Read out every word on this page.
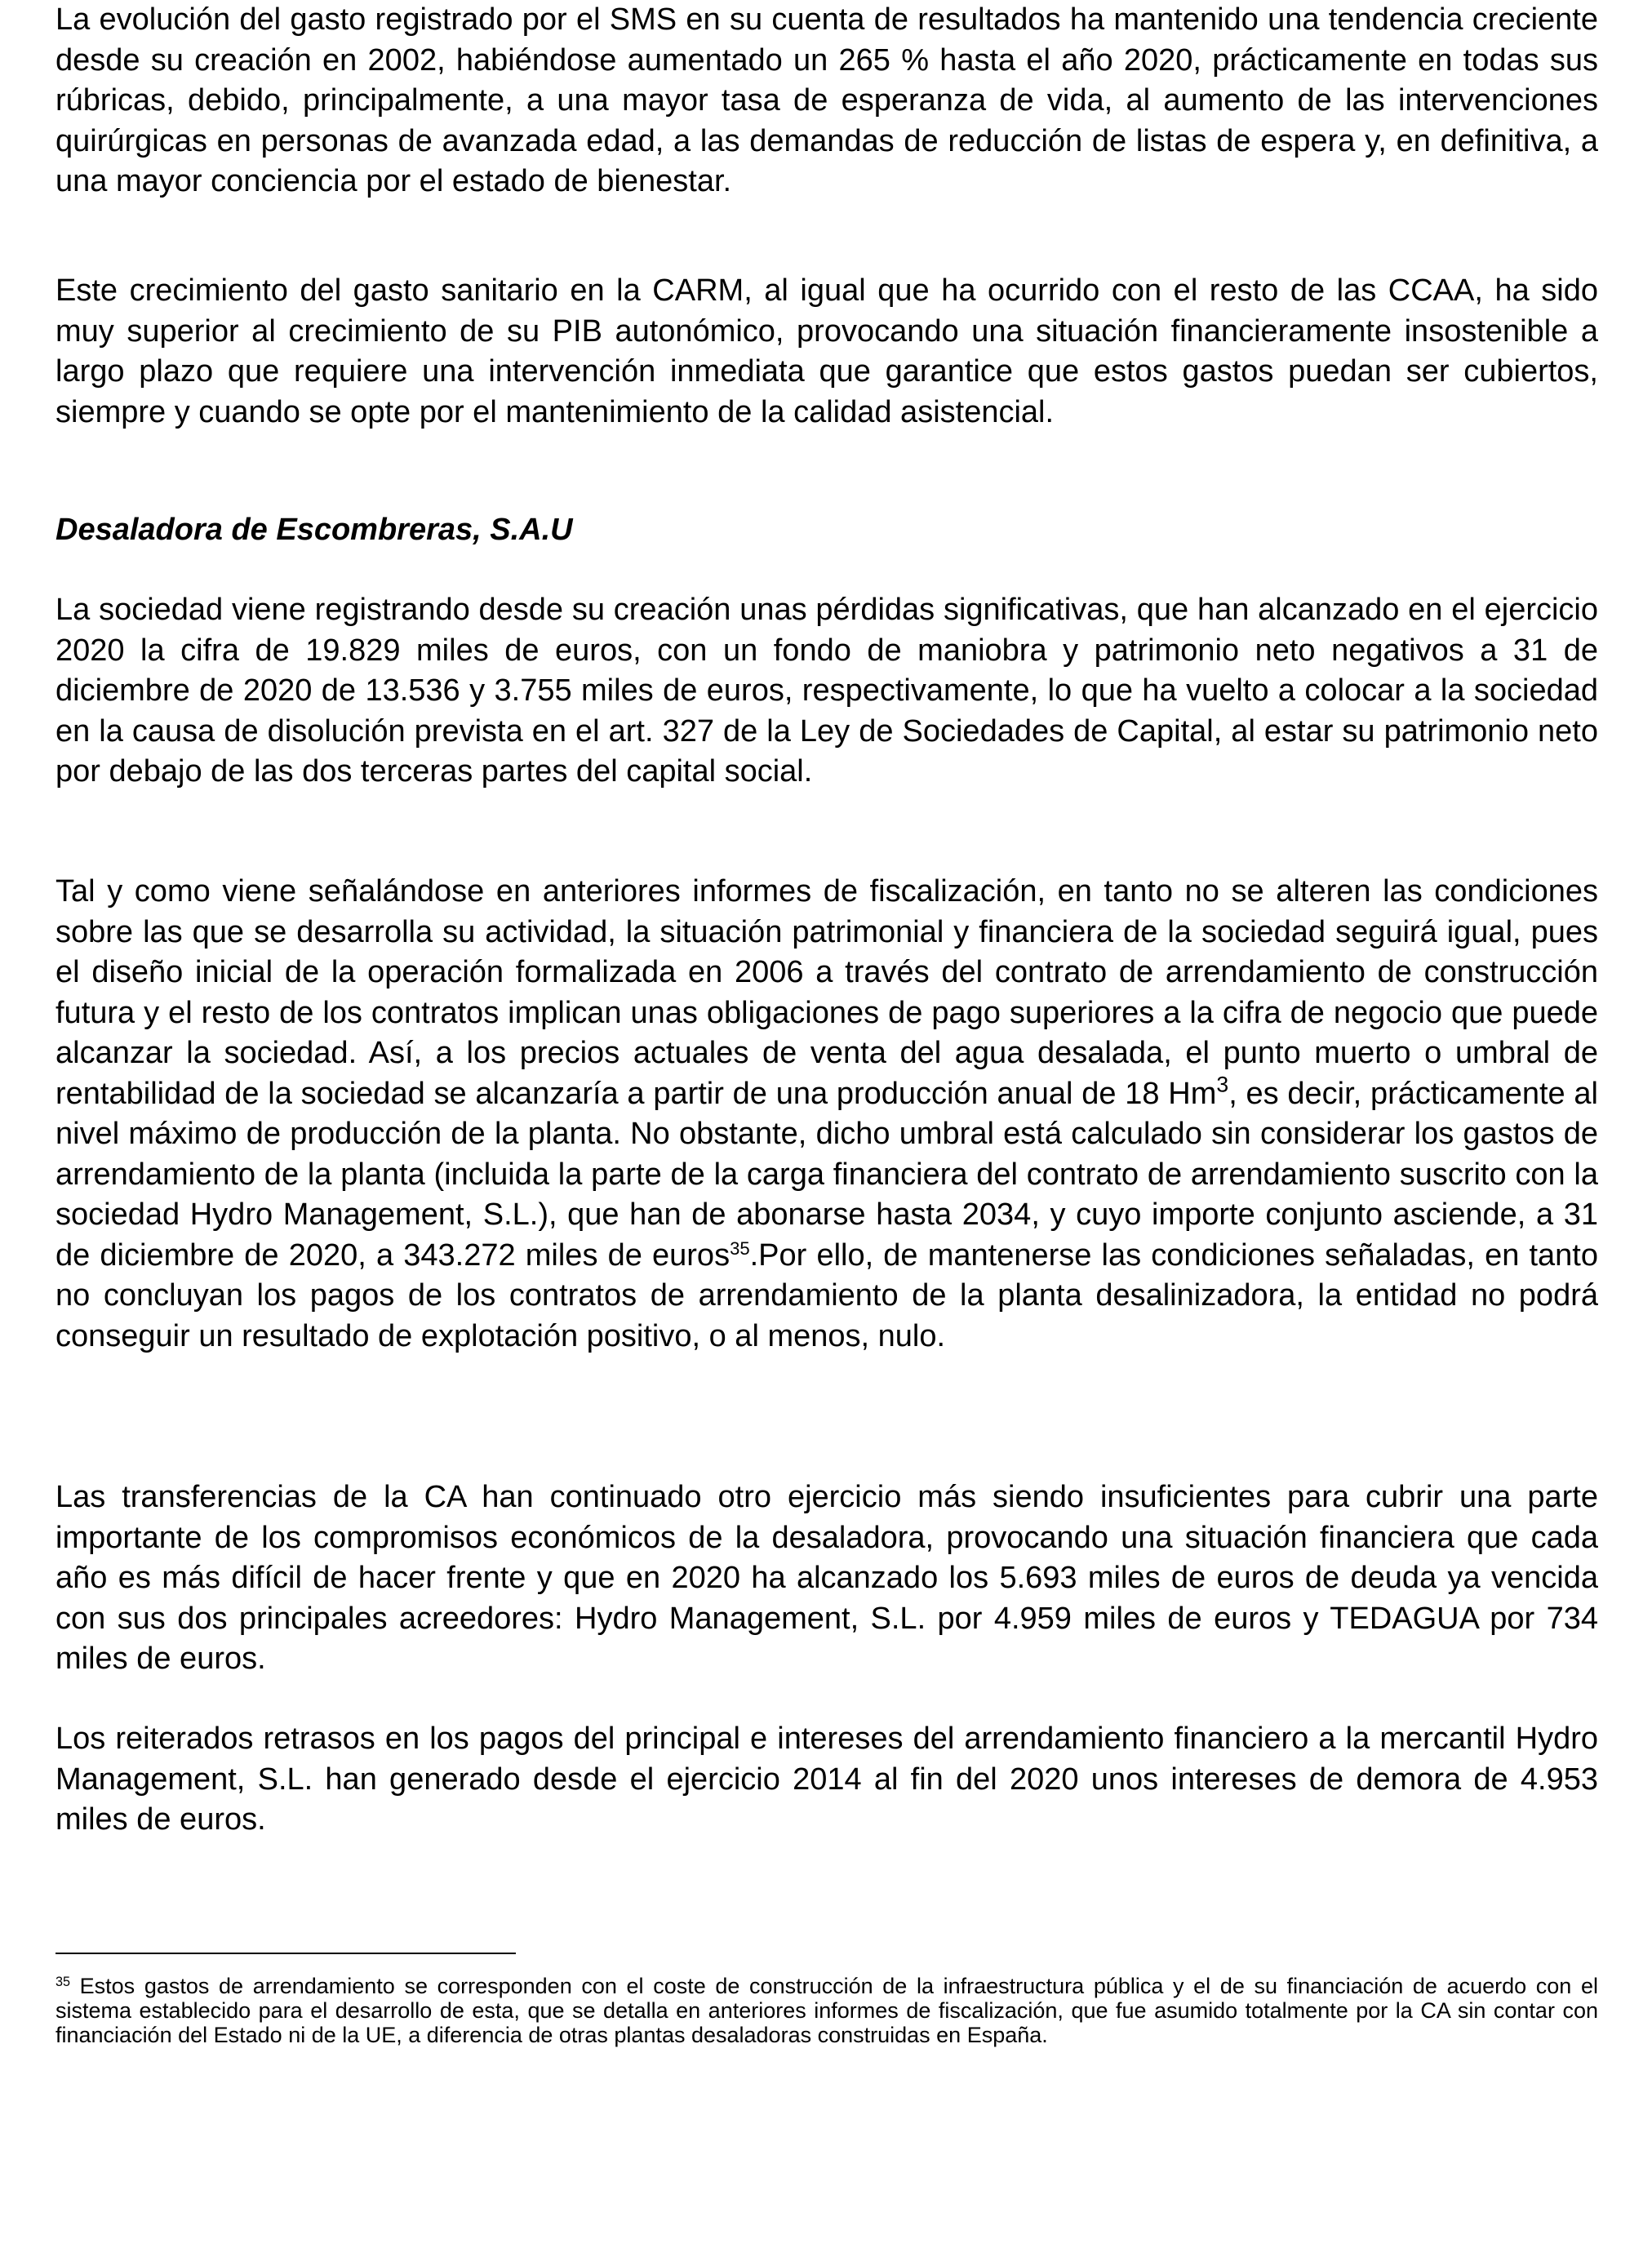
La evolución del gasto registrado por el SMS en su cuenta de resultados ha mantenido una tendencia creciente desde su creación en 2002, habiéndose aumentado un 265 % hasta el año 2020, prácticamente en todas sus rúbricas, debido, principalmente, a una mayor tasa de esperanza de vida, al aumento de las intervenciones quirúrgicas en personas de avanzada edad, a las demandas de reducción de listas de espera y, en definitiva, a una mayor conciencia por el estado de bienestar.

Este crecimiento del gasto sanitario en la CARM, al igual que ha ocurrido con el resto de las CCAA, ha sido muy superior al crecimiento de su PIB autonómico, provocando una situación financieramente insostenible a largo plazo que requiere una intervención inmediata que garantice que estos gastos puedan ser cubiertos, siempre y cuando se opte por el mantenimiento de la calidad asistencial.

Desaladora de Escombreras, S.A.U

La sociedad viene registrando desde su creación unas pérdidas significativas, que han alcanzado en el ejercicio 2020 la cifra de 19.829 miles de euros, con un fondo de maniobra y patrimonio neto negativos a 31 de diciembre de 2020 de 13.536 y 3.755 miles de euros, respectivamente, lo que ha vuelto a colocar a la sociedad en la causa de disolución prevista en el art. 327 de la Ley de Sociedades de Capital, al estar su patrimonio neto por debajo de las dos terceras partes del capital social.

Tal y como viene señalándose en anteriores informes de fiscalización, en tanto no se alteren las condiciones sobre las que se desarrolla su actividad, la situación patrimonial y financiera de la sociedad seguirá igual, pues el diseño inicial de la operación formalizada en 2006 a través del contrato de arrendamiento de construcción futura y el resto de los contratos implican unas obligaciones de pago superiores a la cifra de negocio que puede alcanzar la sociedad. Así, a los precios actuales de venta del agua desalada, el punto muerto o umbral de rentabilidad de la sociedad se alcanzaría a partir de una producción anual de 18 Hm$^3$, es decir, prácticamente al nivel máximo de producción de la planta. No obstante, dicho umbral está calculado sin considerar los gastos de arrendamiento de la planta (incluida la parte de la carga financiera del contrato de arrendamiento suscrito con la sociedad Hydro Management, S.L.), que han de abonarse hasta 2034, y cuyo importe conjunto asciende, a 31 de diciembre de 2020, a 343.272 miles de euros$^{35}$.Por ello, de mantenerse las condiciones señaladas, en tanto no concluyan los pagos de los contratos de arrendamiento de la planta desalinizadora, la entidad no podrá conseguir un resultado de explotación positivo, o al menos, nulo.

Las transferencias de la CA han continuado otro ejercicio más siendo insuficientes para cubrir una parte importante de los compromisos económicos de la desaladora, provocando una situación financiera que cada año es más difícil de hacer frente y que en 2020 ha alcanzado los 5.693 miles de euros de deuda ya vencida con sus dos principales acreedores: Hydro Management, S.L. por 4.959 miles de euros y TEDAGUA por 734 miles de euros.

Los reiterados retrasos en los pagos del principal e intereses del arrendamiento financiero a la mercantil Hydro Management, S.L. han generado desde el ejercicio 2014 al fin del 2020 unos intereses de demora de 4.953 miles de euros.

$^{35}$ Estos gastos de arrendamiento se corresponden con el coste de construcción de la infraestructura pública y el de su financiación de acuerdo con el sistema establecido para el desarrollo de esta, que se detalla en anteriores informes de fiscalización, que fue asumido totalmente por la CA sin contar con financiación del Estado ni de la UE, a diferencia de otras plantas desaladoras construidas en España.
